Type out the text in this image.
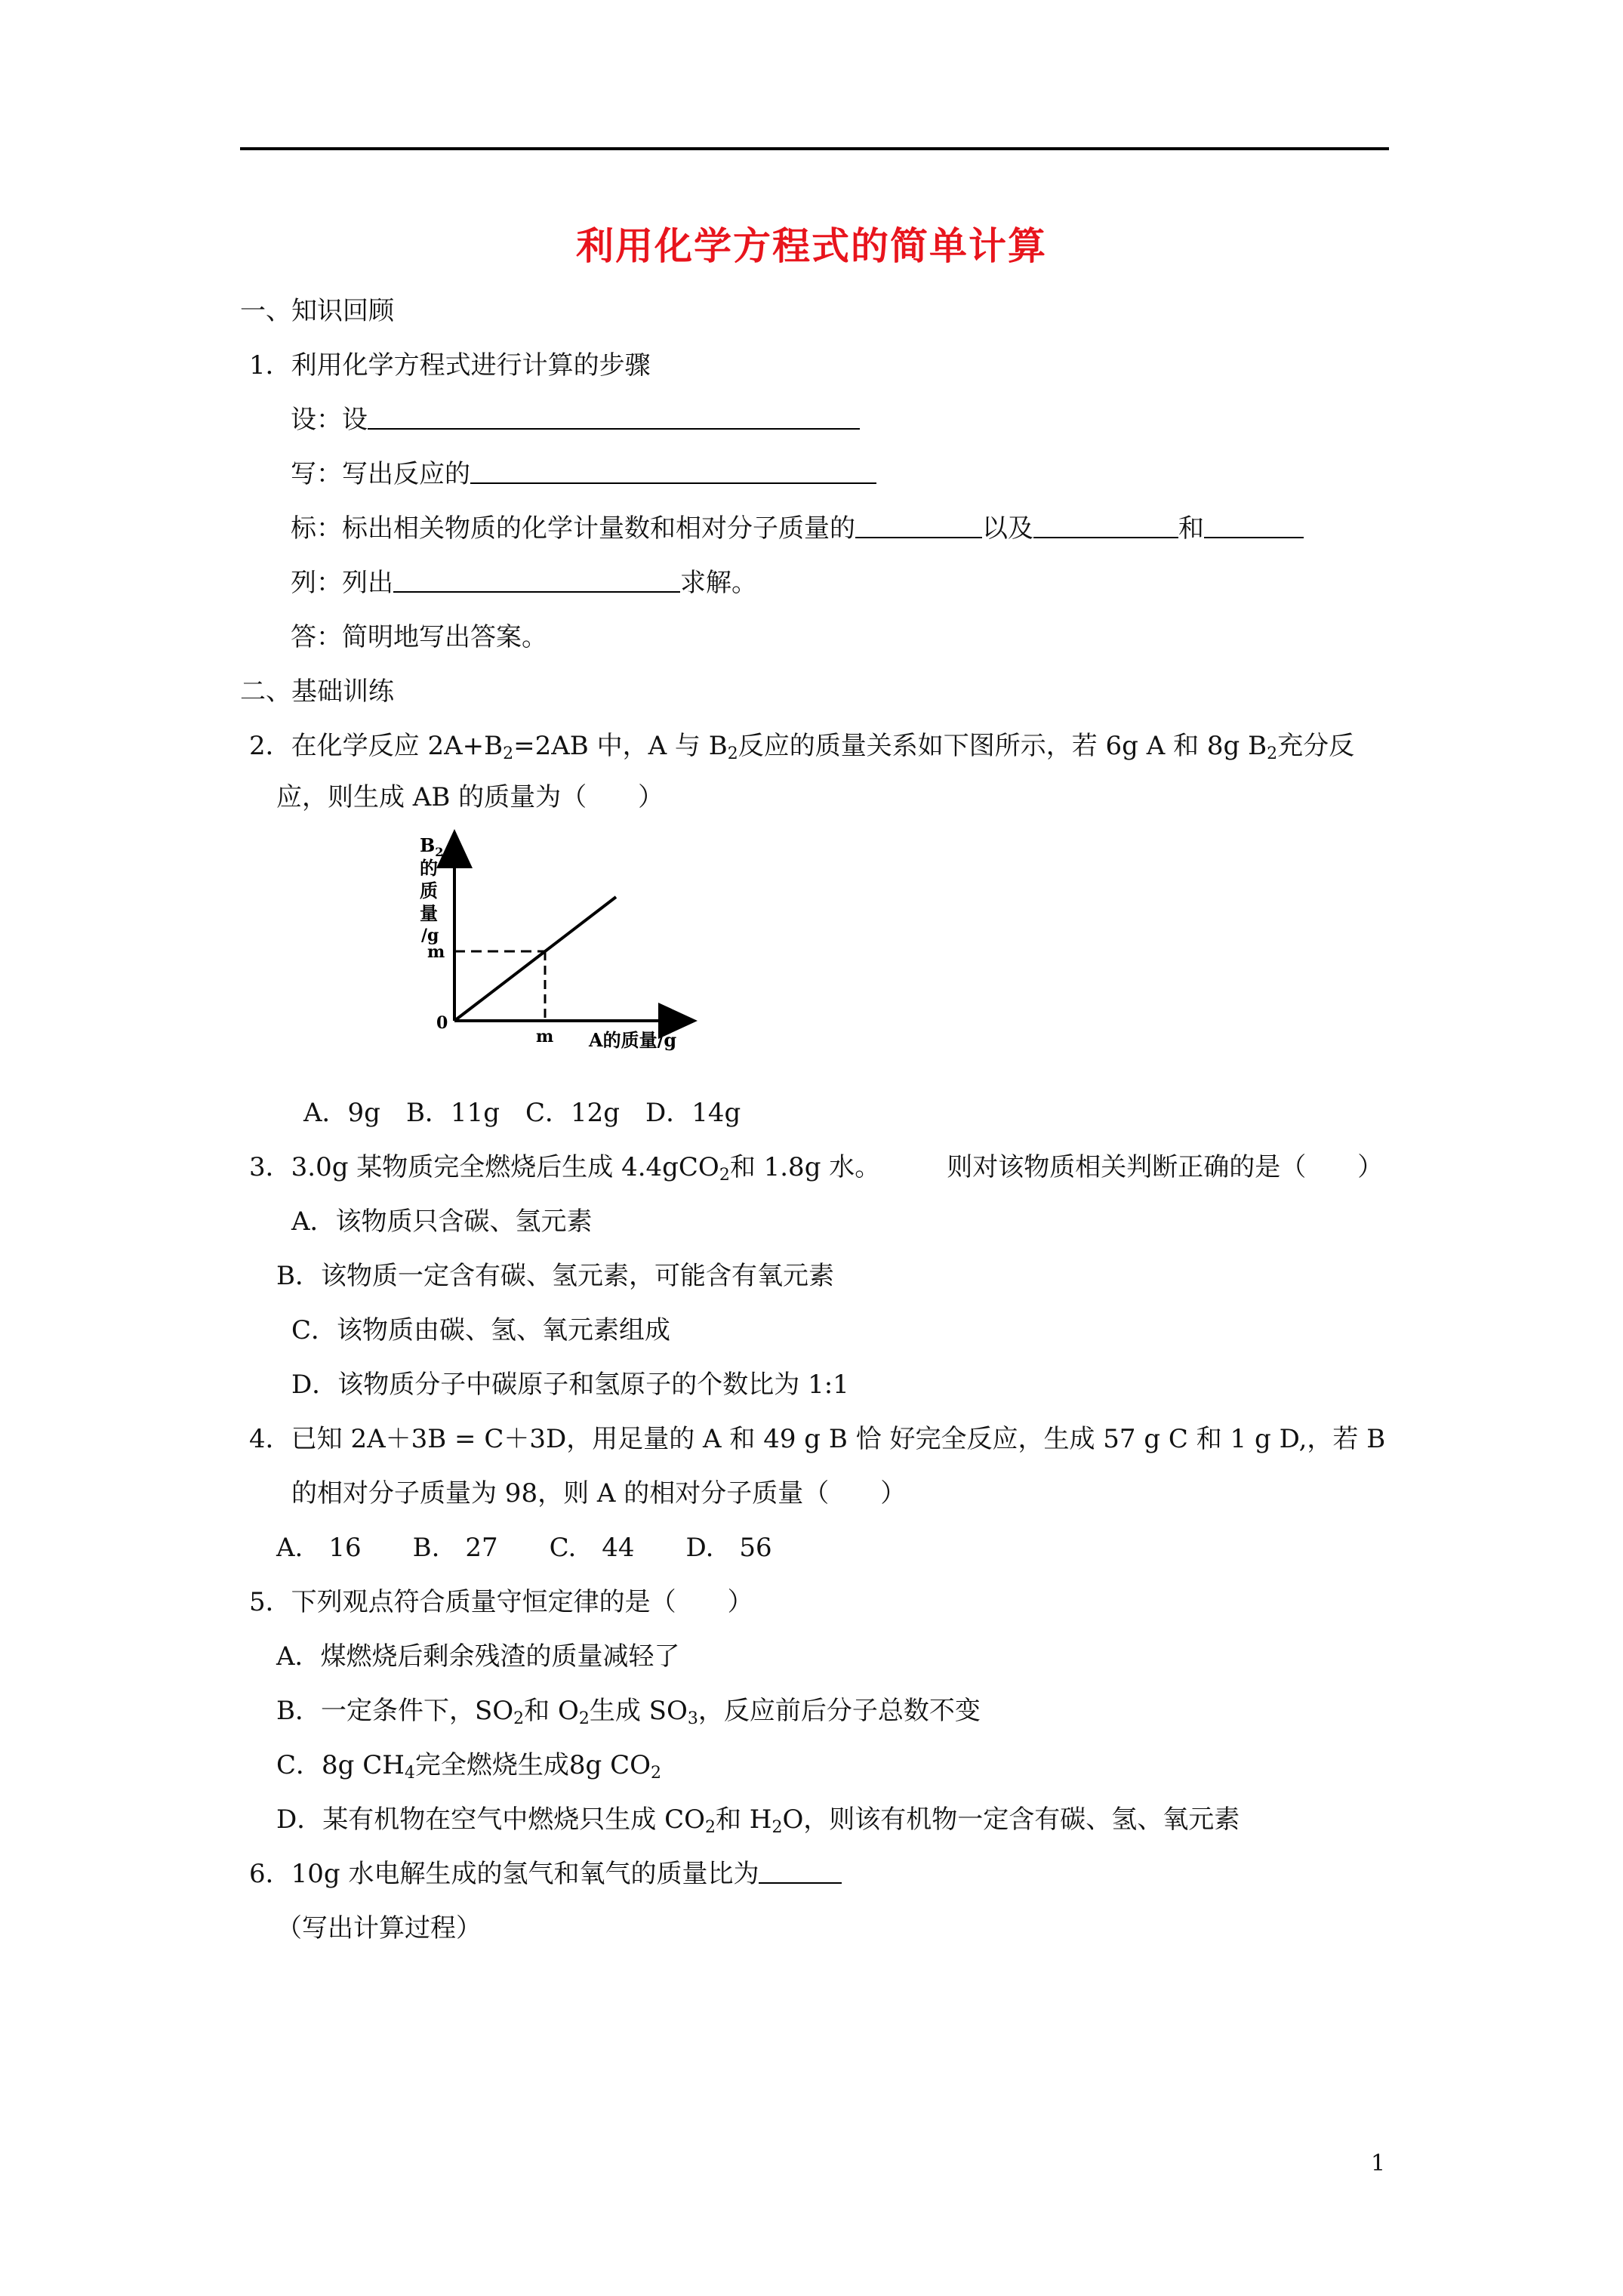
利用化学方程式的简单计算
一、知识回顾
1．利用化学方程式进行计算的步骤
设：设
写：写出反应的
标：标出相关物质的化学计量数和相对分子质量的	以及	和
列：列出	求解。
答：简明地写出答案。
二、基础训练
2．在化学反应 $2A+B_2=2AB$ 中，A 与 $B_2$反应的质量关系如下图所示，若 6g A 和 8g $B_2$充分反
应，则生成 AB 的质量为（　　）
$B_2$
的
质
量
/g
m
0
m A的质量/g
A．9g　B．11g　C．12g　D．14g
3．3.0g 某物质完全燃烧后生成 4.4gCO$_2$和 1.8g 水。	则对该物质相关判断正确的是（　　）
A．该物质只含碳、氢元素
B．该物质一定含有碳、氢元素，可能含有氧元素
C．该物质由碳、氢、氧元素组成
D．该物质分子中碳原子和氢原子的个数比为 1:1
4．已知 2A＋3B = C＋3D，用足量的 A 和 49 g B 恰 好完全反应，生成 57 g C 和 1 g D,，若 B
的相对分子质量为 98，则 A 的相对分子质量（　　）
A.　16　　B.　27　　C.　44　　D.　56
5．下列观点符合质量守恒定律的是（　　）
A．煤燃烧后剩余残渣的质量减轻了
B．一定条件下，$SO_2$和 $O_2$生成 $SO_3$，反应前后分子总数不变
C．8g $CH_4$完全燃烧生成8g $CO_2$
D．某有机物在空气中燃烧只生成 $CO_2$和 $H_2O$，则该有机物一定含有碳、氢、氧元素
6．10g 水电解生成的氢气和氧气的质量比为
（写出计算过程）
1
